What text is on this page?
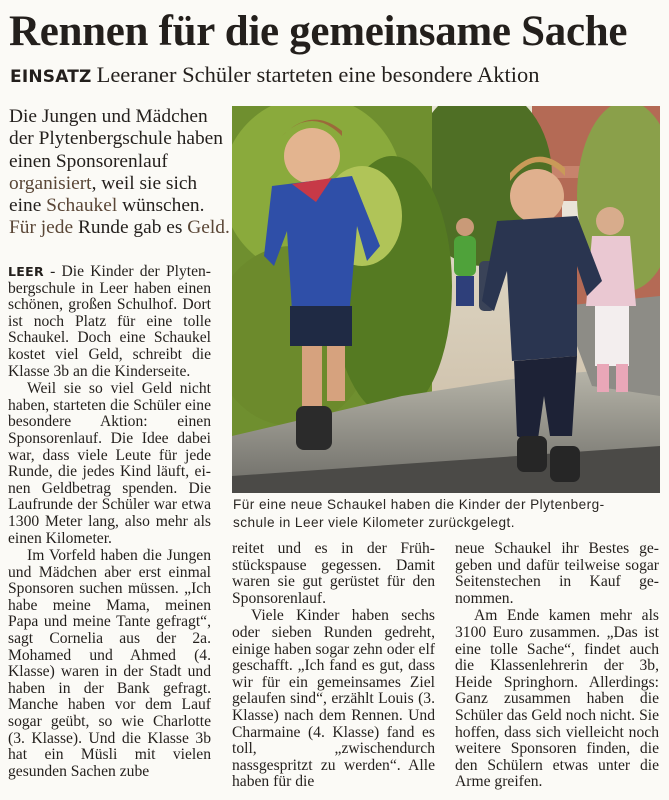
Rennen für die gemeinsame Sache
EINSATZ Leeraner Schüler starteten eine besondere Aktion
Die Jungen und Mädchen der Plytenbergschule haben einen Sponsorenlauf organisiert, weil sie sich eine Schaukel wünschen. Für jede Runde gab es Geld.

LEER - Die Kinder der Plytenbergschule in Leer haben einen schönen, großen Schulhof. Dort ist noch Platz für eine tolle Schaukel. Doch eine Schaukel kostet viel Geld, schreibt die Klasse 3b an die Kinderseite.

Weil sie so viel Geld nicht haben, starteten die Schüler eine besondere Aktion: einen Sponsorenlauf. Die Idee dabei war, dass viele Leute für jede Runde, die jedes Kind läuft, einen Geldbetrag spenden. Die Laufrunde der Schüler war etwa 1300 Meter lang, also mehr als einen Kilometer.

Im Vorfeld haben die Jungen und Mädchen aber erst einmal Sponsoren suchen müssen. „Ich habe meine Mama, meinen Papa und meine Tante gefragt“, sagt Cornelia aus der 2a. Mohamed und Ahmed (4. Klasse) waren in der Stadt und haben in der Bank gefragt. Manche haben vor dem Lauf sogar geübt, so wie Charlotte (3. Klasse). Und die Klasse 3b hat ein Müsli mit vielen gesunden Sachen zube

Für eine neue Schaukel haben die Kinder der Plytenberg-
schule in Leer viele Kilometer zurückgelegt.

reitet und es in der Frühstückspause gegessen. Damit waren sie gut gerüstet für den Sponsorenlauf.

Viele Kinder haben sechs oder sieben Runden gedreht, einige haben sogar zehn oder elf geschafft. „Ich fand es gut, dass wir für ein gemeinsames Ziel gelaufen sind“, erzählt Louis (3. Klasse) nach dem Rennen. Und Charmaine (4. Klasse) fand es toll, „zwischendurch nassgespritzt zu werden“. Alle haben für die

neue Schaukel ihr Bestes gegeben und dafür teilweise sogar Seitenstechen in Kauf genommen.

Am Ende kamen mehr als 3100 Euro zusammen. „Das ist eine tolle Sache“, findet auch die Klassenlehrerin der 3b, Heide Springhorn. Allerdings: Ganz zusammen haben die Schüler das Geld noch nicht. Sie hoffen, dass sich vielleicht noch weitere Sponsoren finden, die den Schülern etwas unter die Arme greifen.
